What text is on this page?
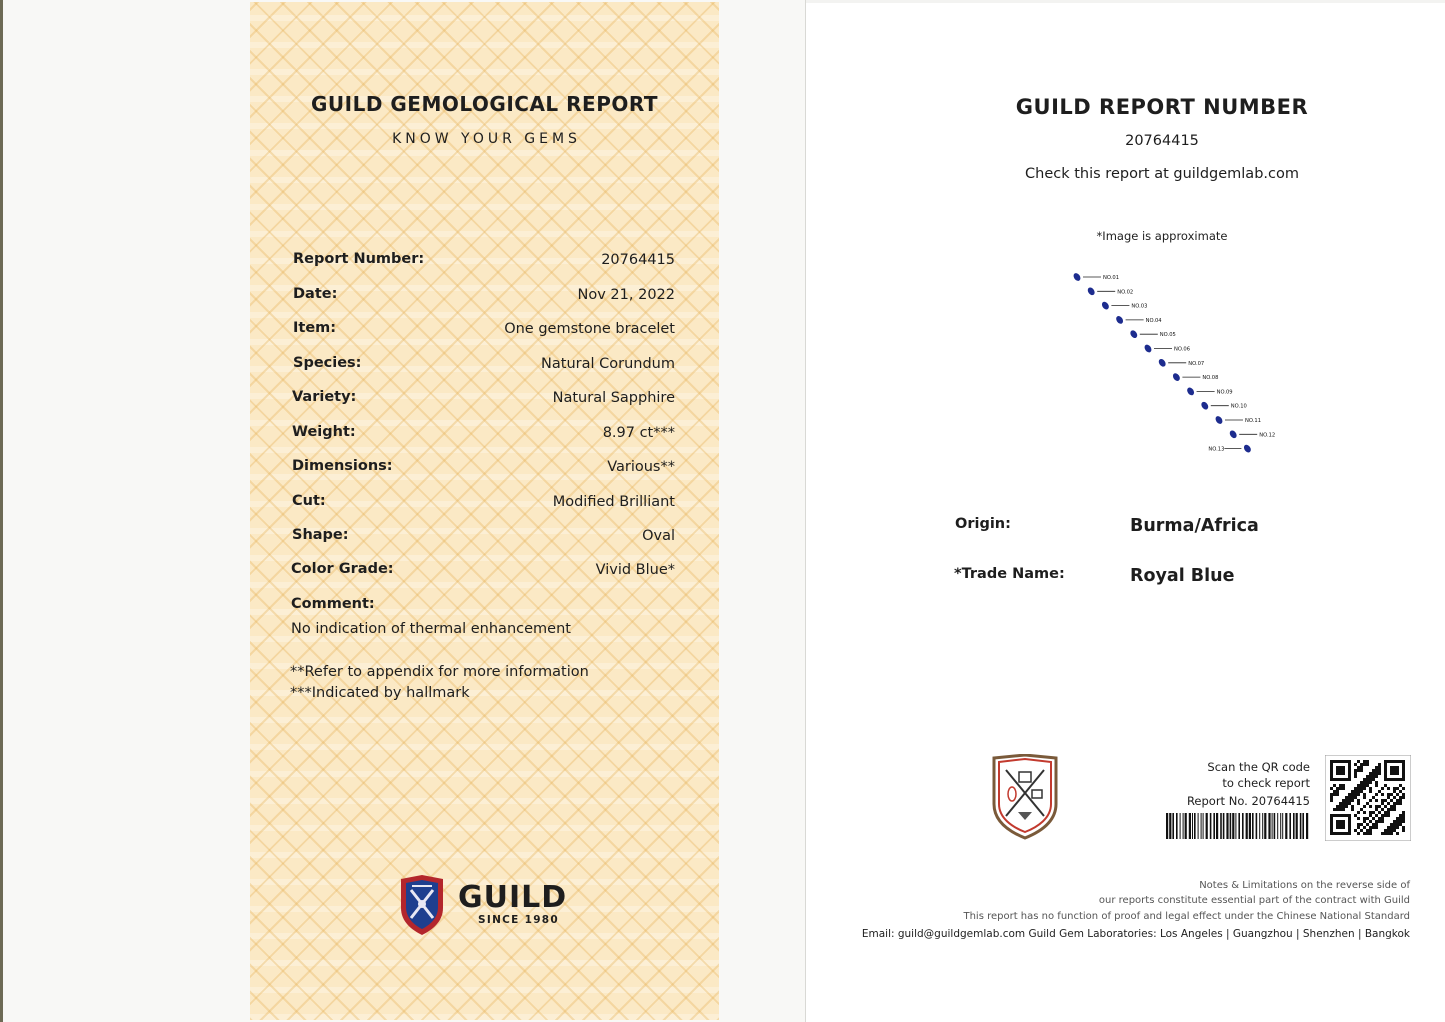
GUILD GEMOLOGICAL REPORT
KNOW YOUR GEMS
Report Number:	20764415
Date:	Nov 21, 2022
Item:	One gemstone bracelet
Species:	Natural Corundum
Variety:	Natural Sapphire
Weight:	8.97 ct***
Dimensions:	Various**
Cut:	Modified Brilliant
Shape:	Oval
Color Grade:	Vivid Blue*
Comment:
No indication of thermal enhancement
**Refer to appendix for more information
***Indicated by hallmark
GUILD
SINCE 1980
GUILD REPORT NUMBER
20764415
Check this report at guildgemlab.com
*Image is approximate
NO.01
NO.02
NO.03
NO.04
NO.05
NO.06
NO.07
NO.08
NO.09
NO.10
NO.11
NO.12
NO.13
Origin:	Burma/Africa
*Trade Name:	Royal Blue
Scan the QR code
to check report
Report No. 20764415
Notes & Limitations on the reverse side of
our reports constitute essential part of the contract with Guild
This report has no function of proof and legal effect under the Chinese National Standard
Email: guild@guildgemlab.com Guild Gem Laboratories: Los Angeles | Guangzhou | Shenzhen | Bangkok
